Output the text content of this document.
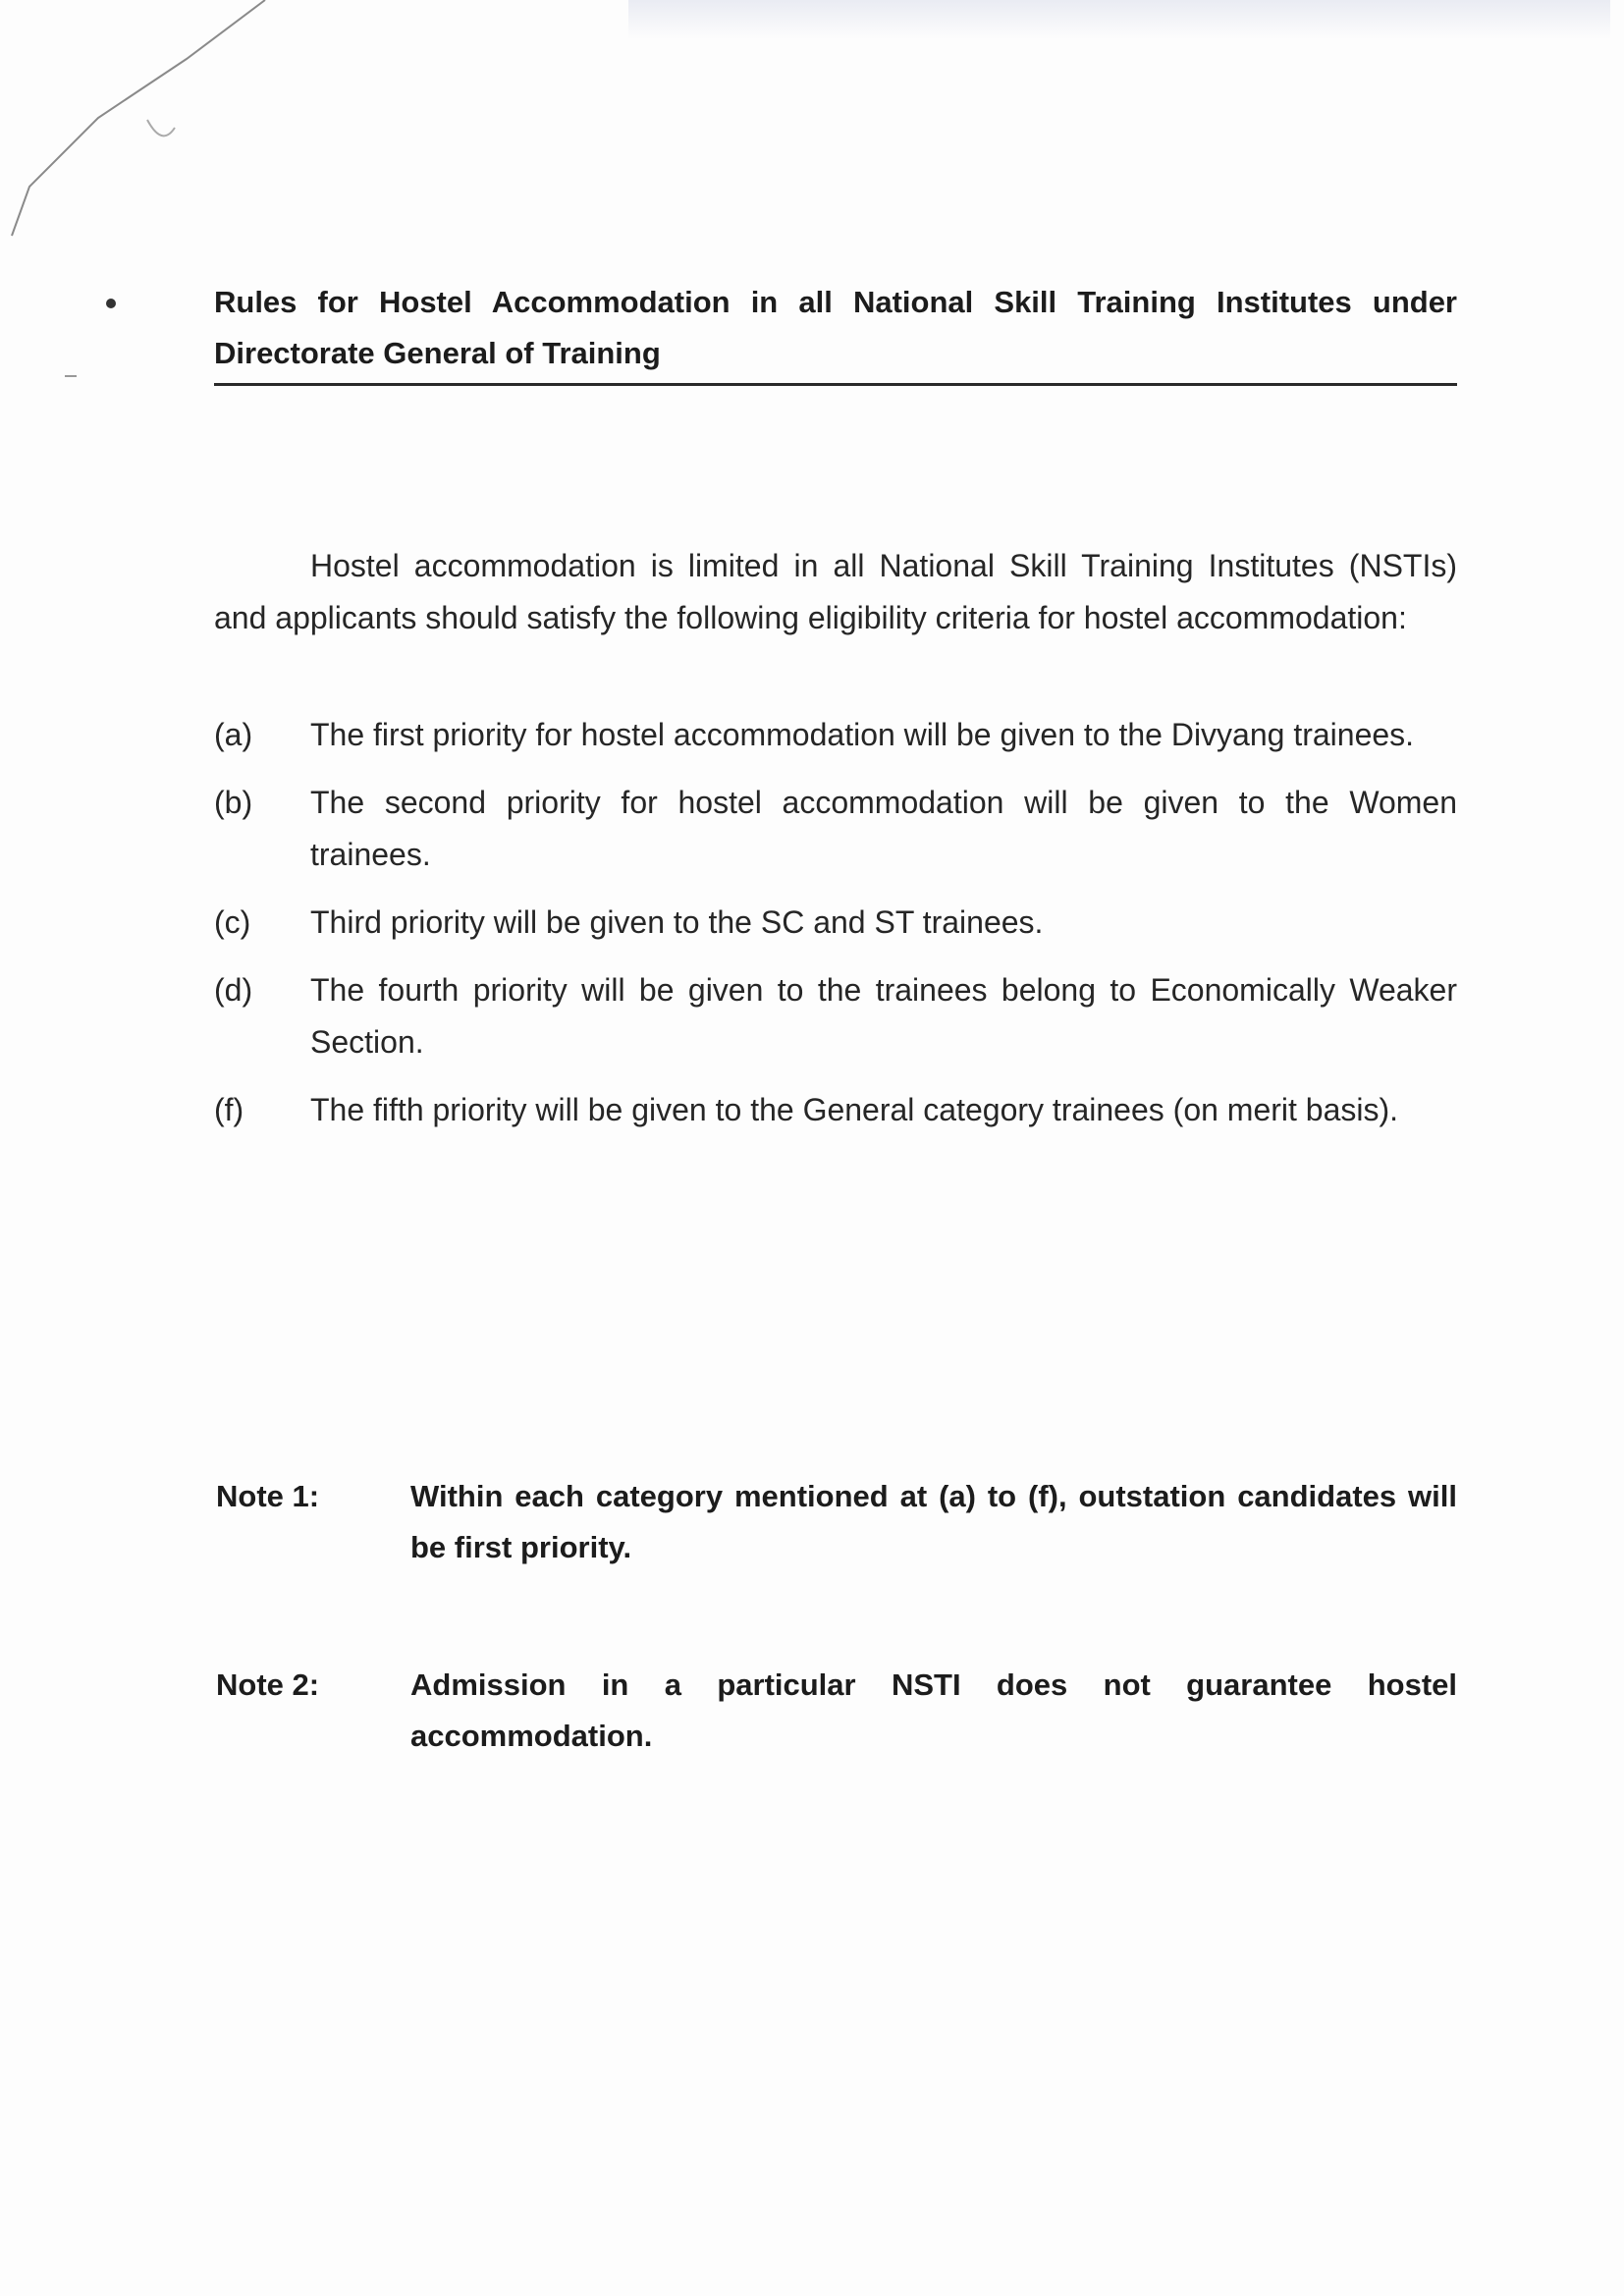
Rules for Hostel Accommodation in all National Skill Training Institutes under Directorate General of Training

Hostel accommodation is limited in all National Skill Training Institutes (NSTIs) and applicants should satisfy the following eligibility criteria for hostel accommodation:

(a)	The first priority for hostel accommodation will be given to the Divyang trainees.
(b)	The second priority for hostel accommodation will be given to the Women trainees.
(c)	Third priority will be given to the SC and ST trainees.
(d)	The fourth priority will be given to the trainees belong to Economically Weaker Section.
(f)	The fifth priority will be given to the General category trainees (on merit basis).
Note 1:	Within each category mentioned at (a) to (f), outstation candidates will be first priority.
Note 2:	Admission in a particular NSTI does not guarantee hostel accommodation.
